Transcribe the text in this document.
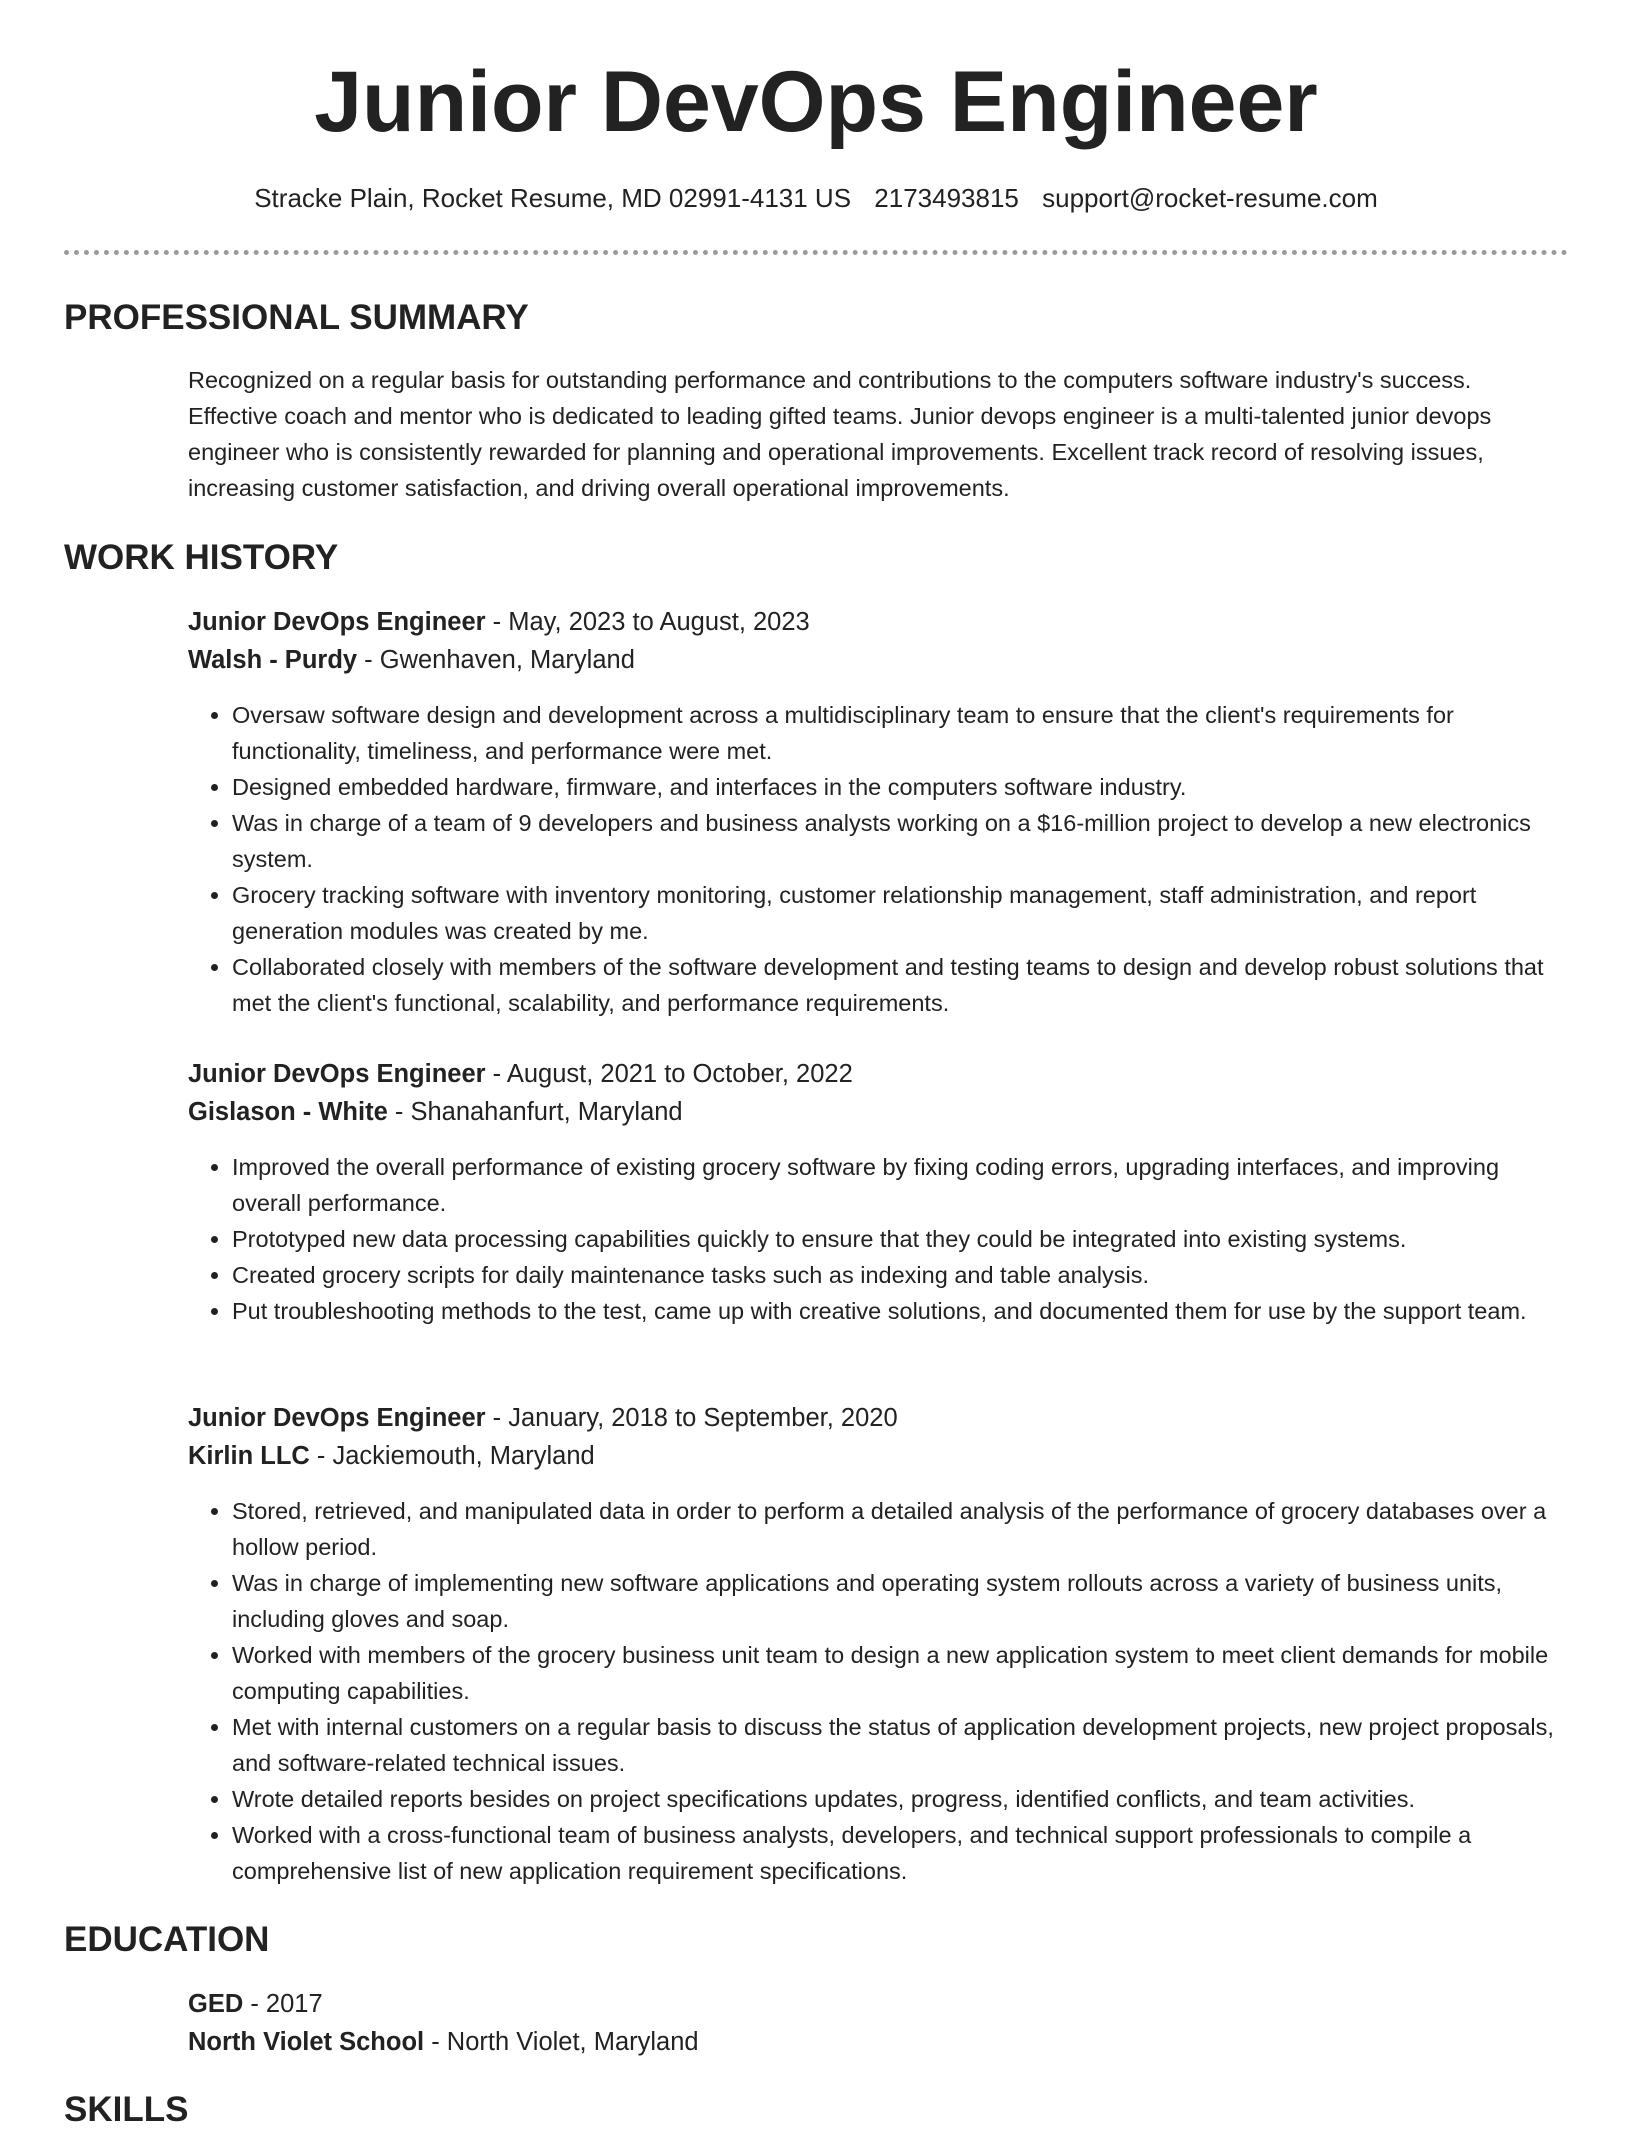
Junior DevOps Engineer
Stracke Plain, Rocket Resume, MD 02991-4131 US 2173493815 support@rocket-resume.com
PROFESSIONAL SUMMARY

Recognized on a regular basis for outstanding performance and contributions to the computers software industry's success. Effective coach and mentor who is dedicated to leading gifted teams. Junior devops engineer is a multi-talented junior devops engineer who is consistently rewarded for planning and operational improvements. Excellent track record of resolving issues, increasing customer satisfaction, and driving overall operational improvements.

WORK HISTORY

Junior DevOps Engineer - May, 2023 to August, 2023

Walsh - Purdy - Gwenhaven, Maryland

• Oversaw software design and development across a multidisciplinary team to ensure that the client's requirements for functionality, timeliness, and performance were met.
• Designed embedded hardware, firmware, and interfaces in the computers software industry.
• Was in charge of a team of 9 developers and business analysts working on a $16-million project to develop a new electronics system.
• Grocery tracking software with inventory monitoring, customer relationship management, staff administration, and report generation modules was created by me.
• Collaborated closely with members of the software development and testing teams to design and develop robust solutions that met the client's functional, scalability, and performance requirements.

Junior DevOps Engineer - August, 2021 to October, 2022

Gislason - White - Shanahanfurt, Maryland

• Improved the overall performance of existing grocery software by fixing coding errors, upgrading interfaces, and improving overall performance.
• Prototyped new data processing capabilities quickly to ensure that they could be integrated into existing systems.
• Created grocery scripts for daily maintenance tasks such as indexing and table analysis.
• Put troubleshooting methods to the test, came up with creative solutions, and documented them for use by the support team.

Junior DevOps Engineer - January, 2018 to September, 2020

Kirlin LLC - Jackiemouth, Maryland

• Stored, retrieved, and manipulated data in order to perform a detailed analysis of the performance of grocery databases over a hollow period.
• Was in charge of implementing new software applications and operating system rollouts across a variety of business units, including gloves and soap.
• Worked with members of the grocery business unit team to design a new application system to meet client demands for mobile computing capabilities.
• Met with internal customers on a regular basis to discuss the status of application development projects, new project proposals, and software-related technical issues.
• Wrote detailed reports besides on project specifications updates, progress, identified conflicts, and team activities.
• Worked with a cross-functional team of business analysts, developers, and technical support professionals to compile a comprehensive list of new application requirement specifications.
EDUCATION

GED - 2017

North Violet School - North Violet, Maryland

SKILLS
